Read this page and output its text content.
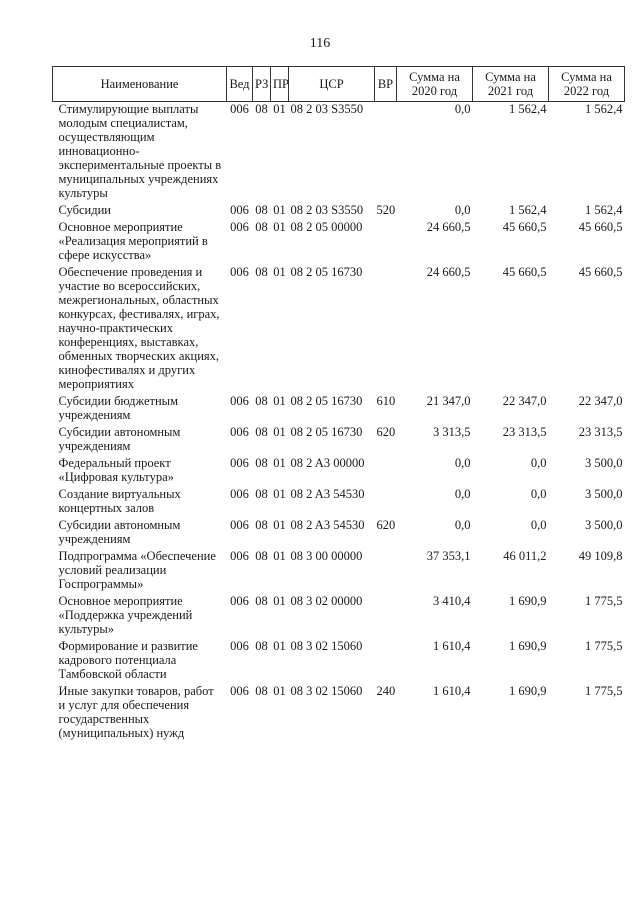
116
Наименование	Вед	РЗ	ПР	ЦСР	ВР	Сумма на 2020 год	Сумма на 2021 год	Сумма на 2022 год
Стимулирующие выплаты молодым специалистам, осуществляющим инновационно-экспериментальные проекты в муниципальных учреждениях культуры	006	08	01	08 2 03 S3550		0,0	1 562,4	1 562,4
Субсидии	006	08	01	08 2 03 S3550	520	0,0	1 562,4	1 562,4
Основное мероприятие «Реализация мероприятий в сфере искусства»	006	08	01	08 2 05 00000		24 660,5	45 660,5	45 660,5
Обеспечение проведения и участие во всероссийских, межрегиональных, областных конкурсах, фестивалях, играх, научно-практических конференциях, выставках, обменных творческих акциях, кинофестивалях и других мероприятиях	006	08	01	08 2 05 16730		24 660,5	45 660,5	45 660,5
Субсидии бюджетным учреждениям	006	08	01	08 2 05 16730	610	21 347,0	22 347,0	22 347,0
Субсидии автономным учреждениям	006	08	01	08 2 05 16730	620	3 313,5	23 313,5	23 313,5
Федеральный проект «Цифровая культура»	006	08	01	08 2 A3 00000		0,0	0,0	3 500,0
Создание виртуальных концертных залов	006	08	01	08 2 A3 54530		0,0	0,0	3 500,0
Субсидии автономным учреждениям	006	08	01	08 2 A3 54530	620	0,0	0,0	3 500,0
Подпрограмма «Обеспечение условий реализации Госпрограммы»	006	08	01	08 3 00 00000		37 353,1	46 011,2	49 109,8
Основное мероприятие «Поддержка учреждений культуры»	006	08	01	08 3 02 00000		3 410,4	1 690,9	1 775,5
Формирование и развитие кадрового потенциала Тамбовской области	006	08	01	08 3 02 15060		1 610,4	1 690,9	1 775,5
Иные закупки товаров, работ и услуг для обеспечения государственных (муниципальных) нужд	006	08	01	08 3 02 15060	240	1 610,4	1 690,9	1 775,5
